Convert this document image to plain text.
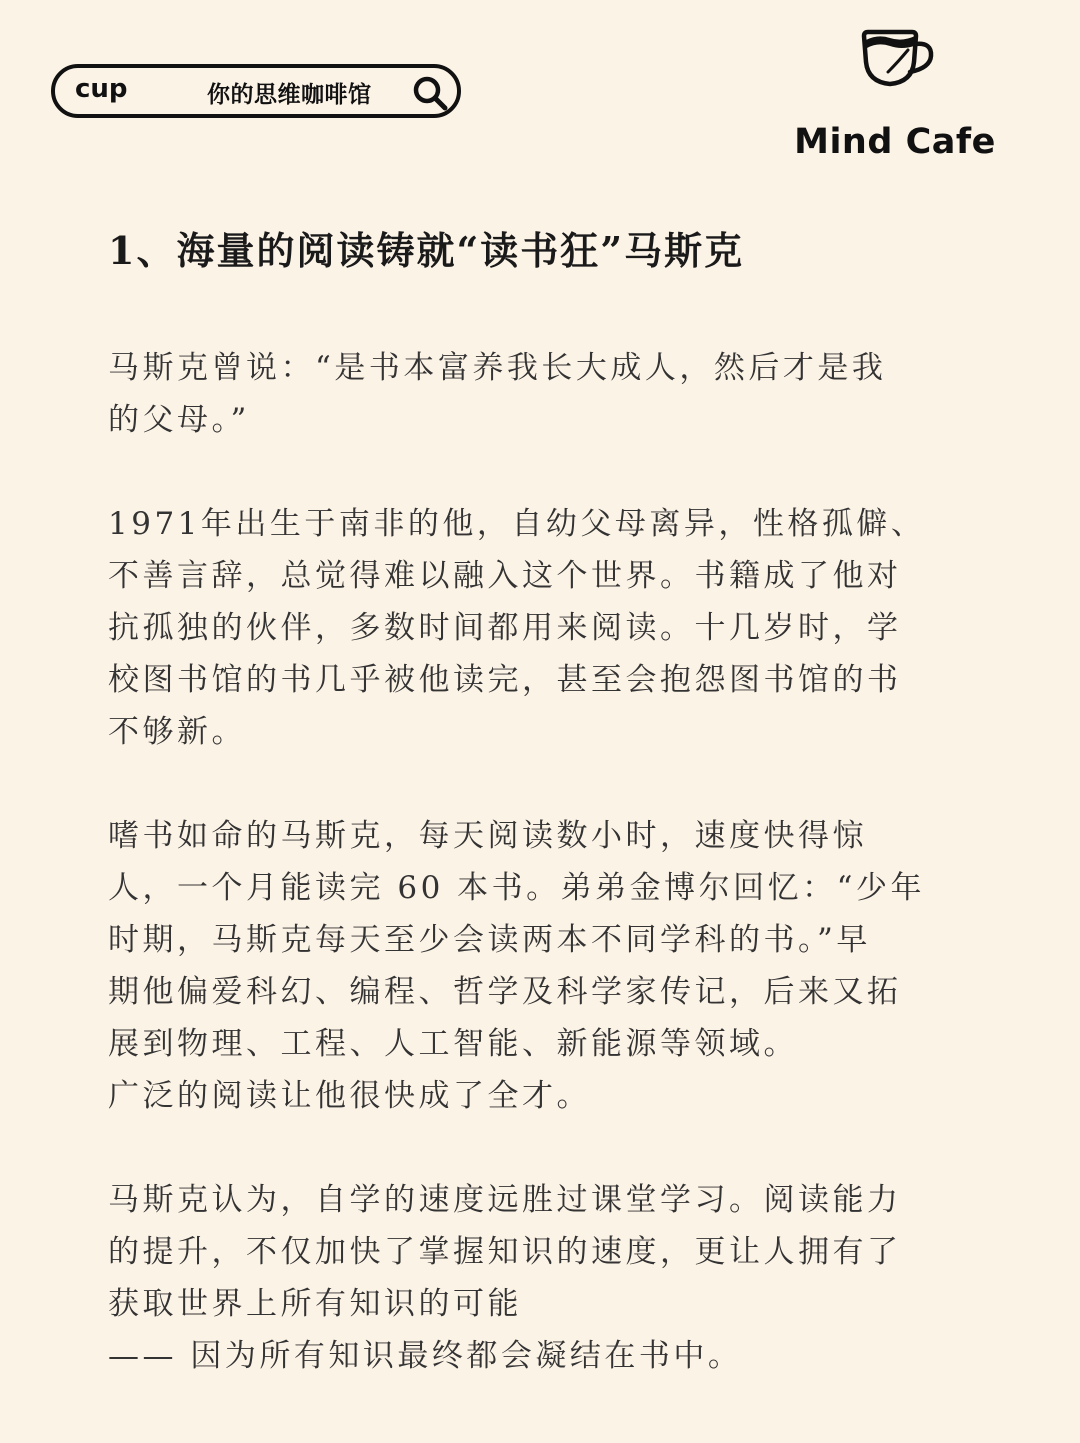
cup	你的思维咖啡馆
Mind Cafe
1、海量的阅读铸就“读书狂”马斯克

马斯克曾说：“是书本富养我长大成人，然后才是我
的父母。”

1971年出生于南非的他，自幼父母离异，性格孤僻、
不善言辞，总觉得难以融入这个世界。书籍成了他对
抗孤独的伙伴，多数时间都用来阅读。十几岁时，学
校图书馆的书几乎被他读完，甚至会抱怨图书馆的书
不够新。

嗜书如命的马斯克，每天阅读数小时，速度快得惊
人，一个月能读完 60 本书。弟弟金博尔回忆：“少年
时期，马斯克每天至少会读两本不同学科的书。”早
期他偏爱科幻、编程、哲学及科学家传记，后来又拓
展到物理、工程、人工智能、新能源等领域。
广泛的阅读让他很快成了全才。

马斯克认为，自学的速度远胜过课堂学习。阅读能力
的提升，不仅加快了掌握知识的速度，更让人拥有了
获取世界上所有知识的可能
—— 因为所有知识最终都会凝结在书中。
